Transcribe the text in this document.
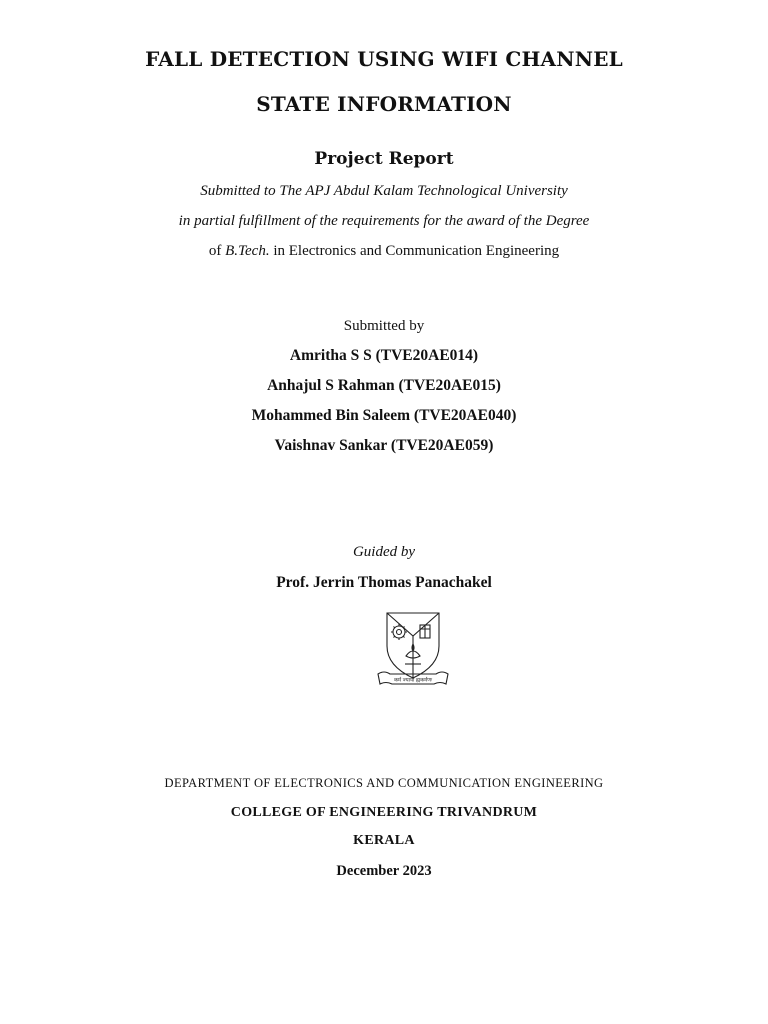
FALL DETECTION USING WIFI CHANNEL
STATE INFORMATION
Project Report
Submitted to The APJ Abdul Kalam Technological University
in partial fulfillment of the requirements for the award of the Degree
of B.Tech. in Electronics and Communication Engineering
Submitted by
Amritha S S (TVE20AE014)
Anhajul S Rahman (TVE20AE015)
Mohammed Bin Saleem (TVE20AE040)
Vaishnav Sankar (TVE20AE059)
Guided by
Prof. Jerrin Thomas Panachakel
कर्म ज्यायो ह्यकर्मणः
DEPARTMENT OF ELECTRONICS AND COMMUNICATION ENGINEERING
COLLEGE OF ENGINEERING TRIVANDRUM
KERALA
December 2023
